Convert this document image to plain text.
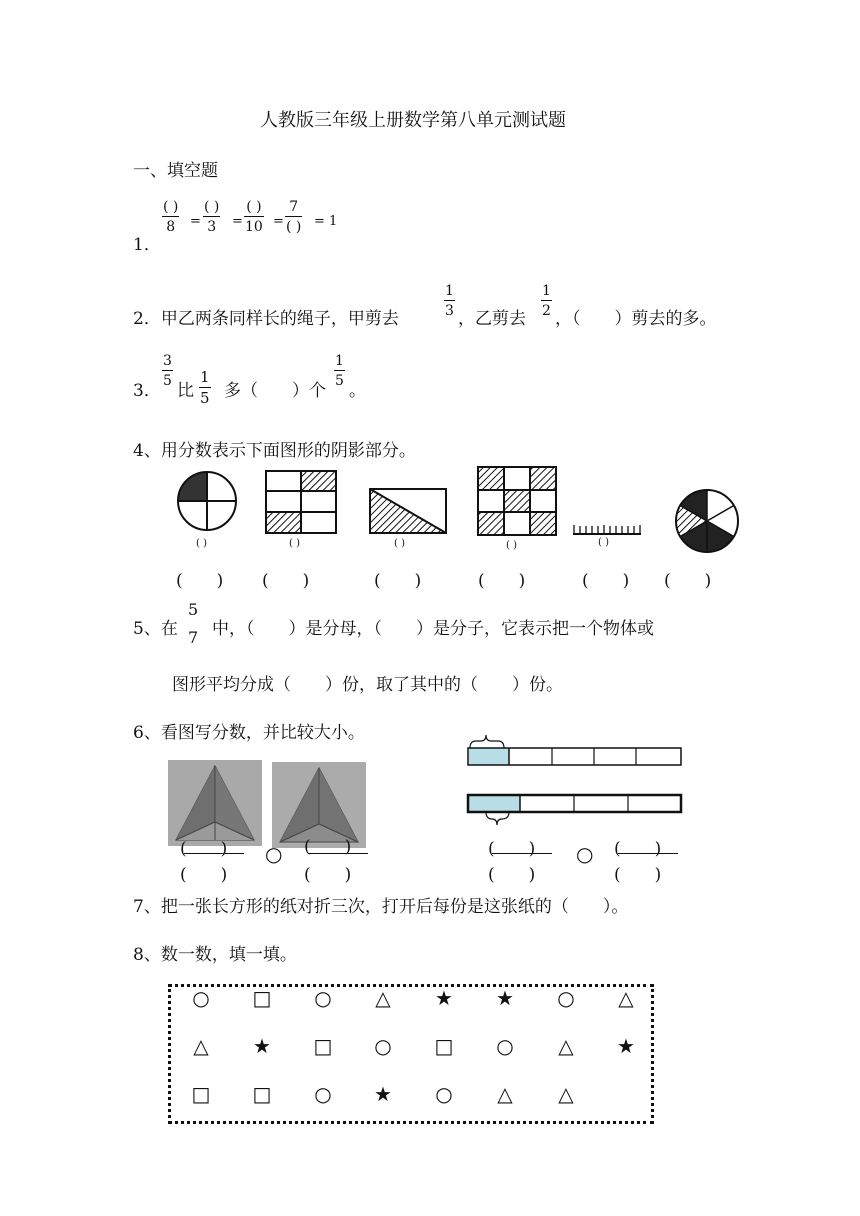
人教版三年级上册数学第八单元测试题
一、填空题
1．
( )
8	=
( )
3	=
( )
10 =
7
( ) = 1
2．甲乙两条同样长的绳子，甲剪去
$\frac{1}{3}$
，乙剪去
$\frac{1}{2}$
，（　　）剪去的多。
3．
$\frac{3}{5}$
比 $\frac{1}{5}$ 多（　　）个
$\frac{1}{5}$
。
4、用分数表示下面图形的阴影部分。
( )	( )	( )	( )	( )
(　　) (　　)	(　　)	(　　)	(　　) (　　)
5、在
5
7 中，（　　）是分母，（　　）是分子，它表示把一个物体或
图形平均分成（　　）份，取了其中的（　　）份。
6、看图写分数，并比较大小。
(　　)
(　　)
○ (　　)
(　　)
(　　)
(　　)
○ (　　)
(　　)
7、把一张长方形的纸对折三次，打开后每份是这张纸的（　　）。
8、数一数，填一填。
○	□	○	△	★	★	○	△
△	★	□	○	□	○	△	★
□	□	○	★	○	△	△
